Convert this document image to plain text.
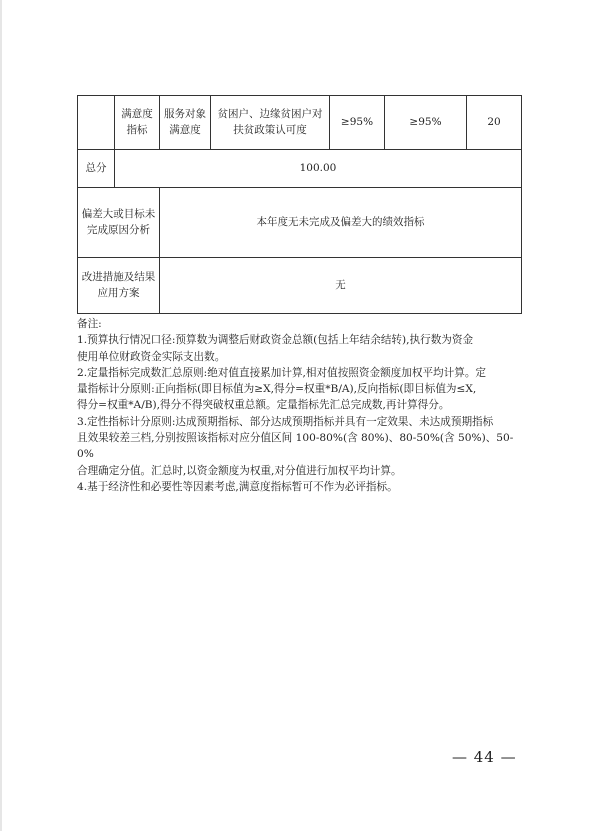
	满意度指标	服务对象满意度	贫困户、边缘贫困户对扶贫政策认可度	≥95%	≥95%	20
总分	100.00					
偏差大或目标未完成原因分析		本年度无未完成及偏差大的绩效指标				
改进措施及结果应用方案		无				
备注:
1.预算执行情况口径:预算数为调整后财政资金总额(包括上年结余结转),执行数为资金
使用单位财政资金实际支出数。
2.定量指标完成数汇总原则:绝对值直接累加计算,相对值按照资金额度加权平均计算。定
量指标计分原则:正向指标(即目标值为≥X,得分=权重*B/A),反向指标(即目标值为≤X,
得分=权重*A/B),得分不得突破权重总额。定量指标先汇总完成数,再计算得分。
3.定性指标计分原则:达成预期指标、部分达成预期指标并具有一定效果、未达成预期指标
且效果较差三档,分别按照该指标对应分值区间 100-80%(含 80%)、80-50%(含 50%)、50-0%
合理确定分值。汇总时,以资金额度为权重,对分值进行加权平均计算。
4.基于经济性和必要性等因素考虑,满意度指标暂可不作为必评指标。
— 44 —
